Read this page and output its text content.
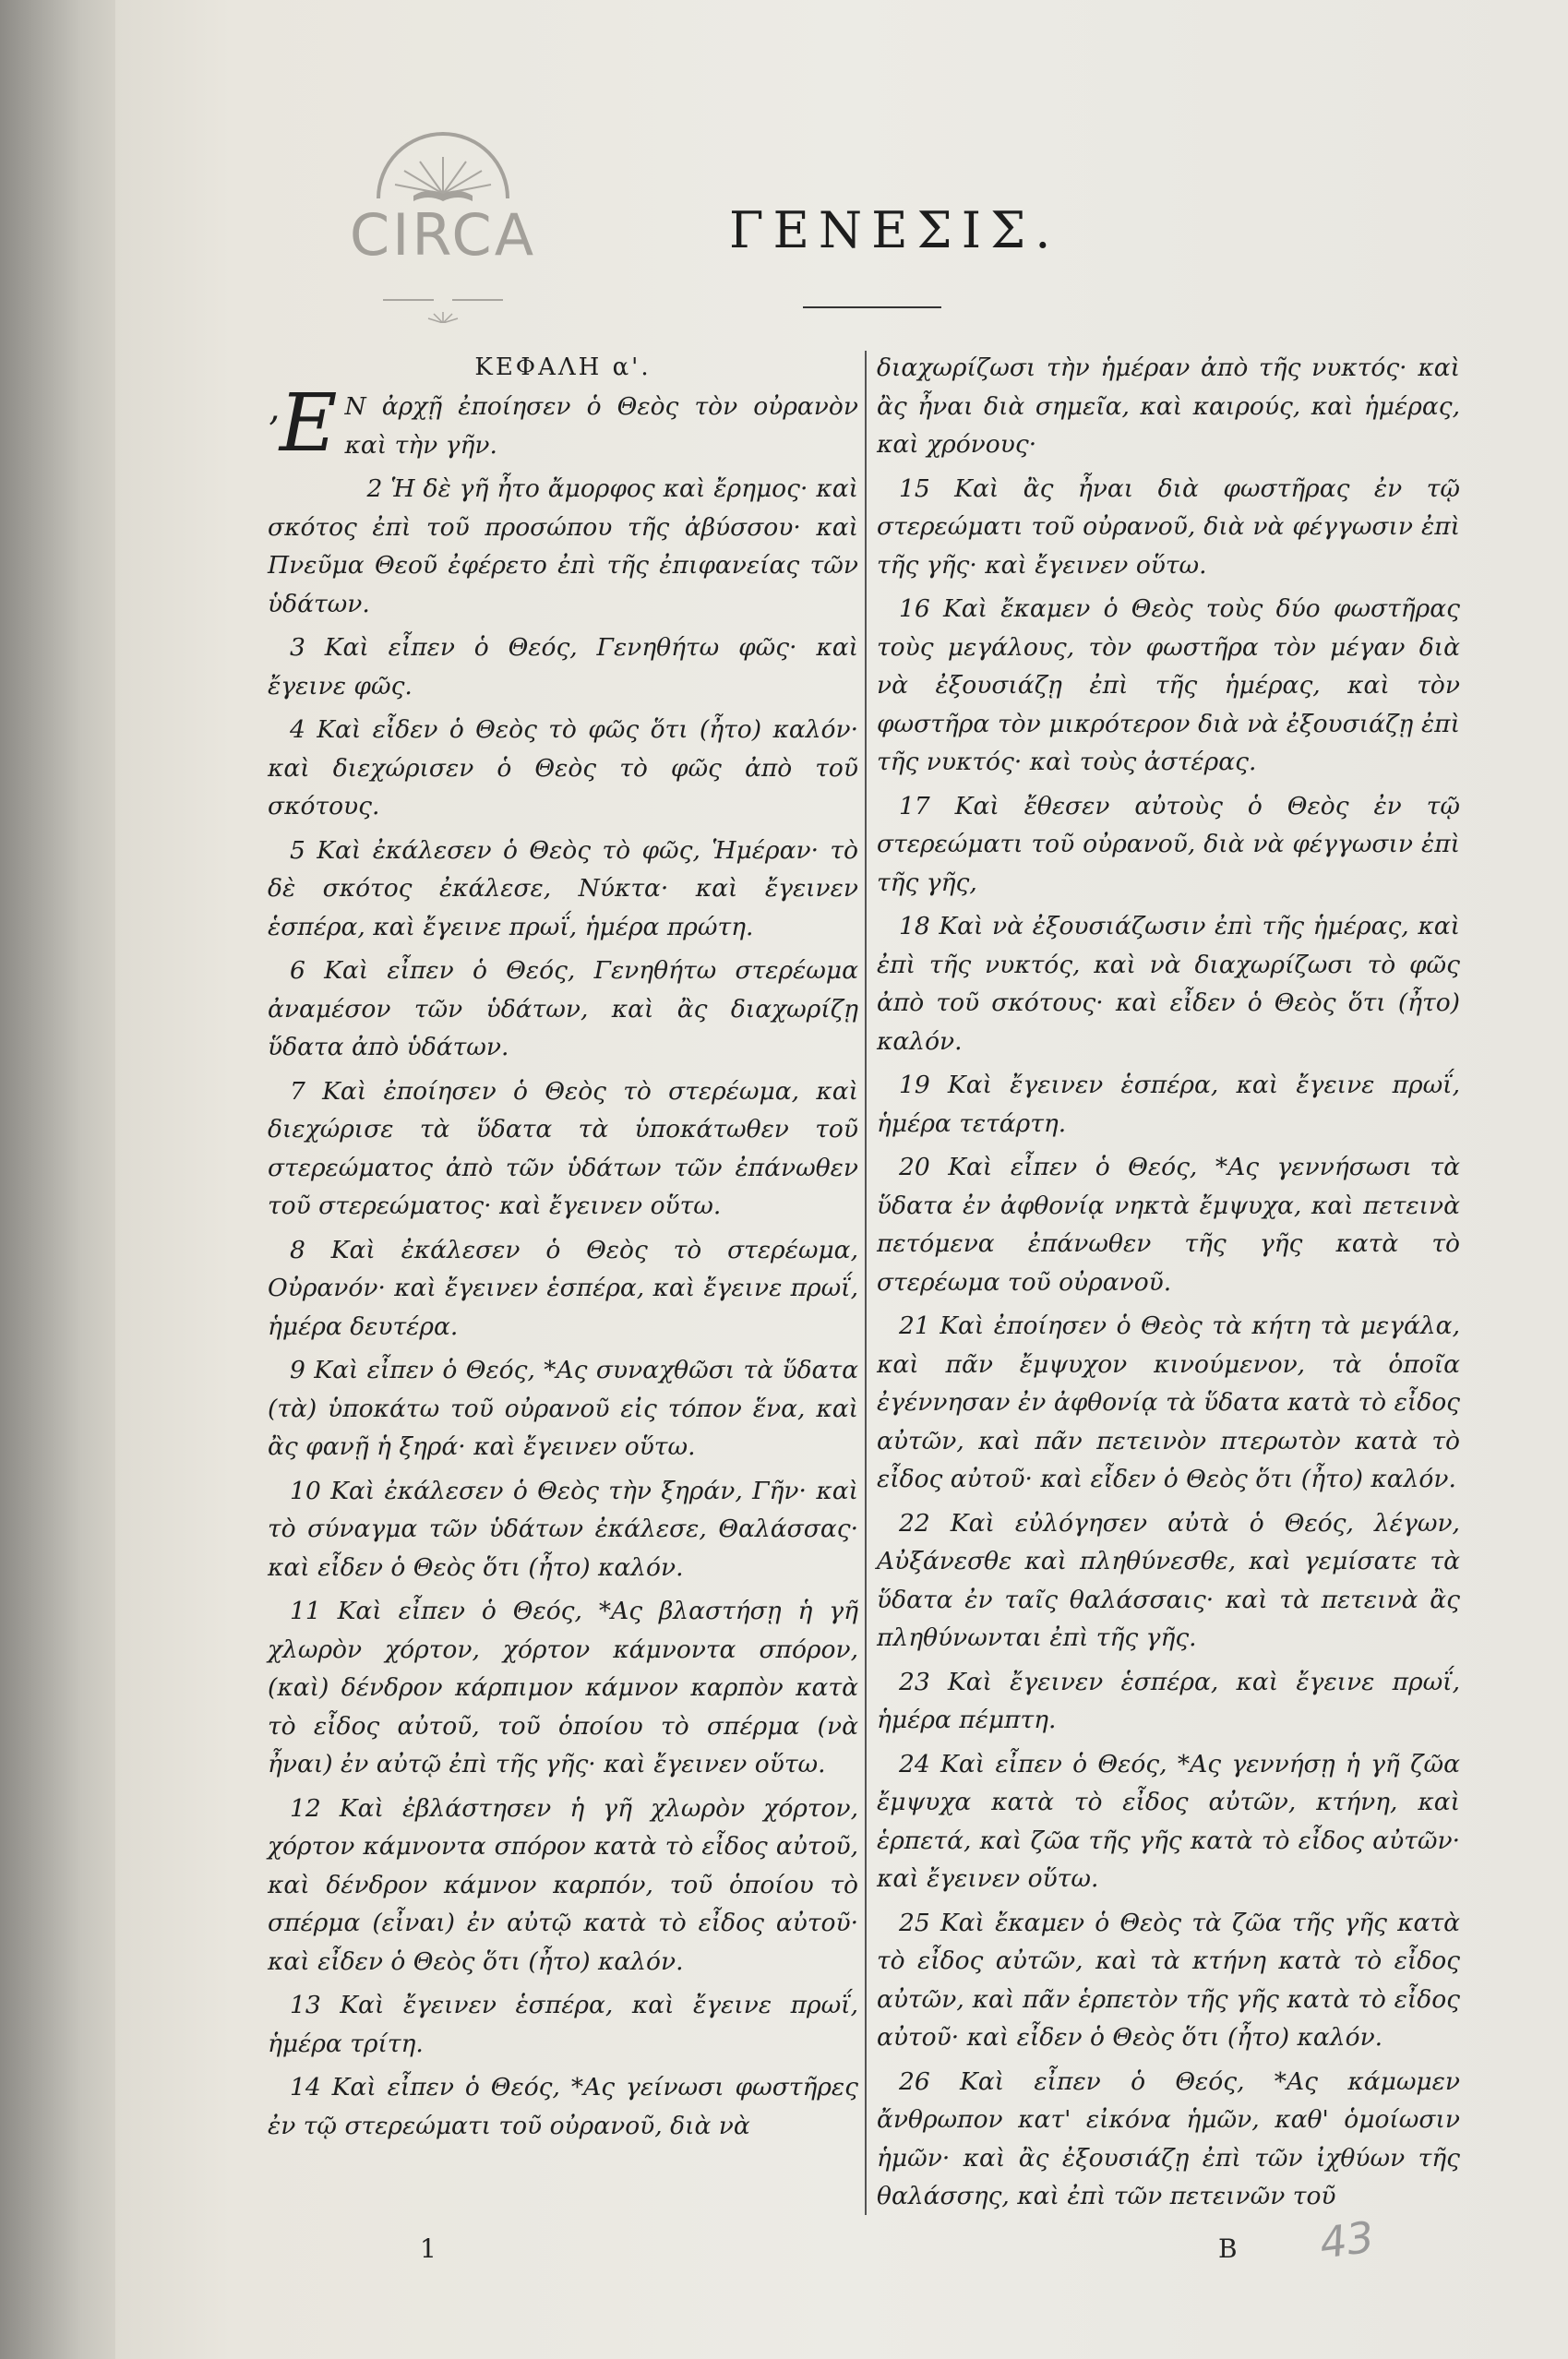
CIRCA	ΓΕΝΕΣΙΣ.
ΚΕΦΑΛΗ α'.

’Ε Ν ἀρχῇ ἐποίησεν ὁ Θεὸς τὸν οὐρανὸν καὶ τὴν γῆν.

2 Ἡ δὲ γῆ ἦτο ἄμορφος καὶ ἔρημος· καὶ σκότος ἐπὶ τοῦ προσώπου τῆς ἀβύσσου· καὶ Πνεῦμα Θεοῦ ἐφέρετο ἐπὶ τῆς ἐπιφανείας τῶν ὑδάτων.

3 Καὶ εἶπεν ὁ Θεός, Γενηθήτω φῶς· καὶ ἔγεινε φῶς.

4 Καὶ εἶδεν ὁ Θεὸς τὸ φῶς ὅτι (ἦτο) καλόν· καὶ διεχώρισεν ὁ Θεὸς τὸ φῶς ἀπὸ τοῦ σκότους.

5 Καὶ ἐκάλεσεν ὁ Θεὸς τὸ φῶς, Ἡμέραν· τὸ δὲ σκότος ἐκάλεσε, Νύκτα· καὶ ἔγεινεν ἑσπέρα, καὶ ἔγεινε πρωΐ, ἡμέρα πρώτη.

6 Καὶ εἶπεν ὁ Θεός, Γενηθήτω στερέωμα ἀναμέσον τῶν ὑδάτων, καὶ ἂς διαχωρίζῃ ὕδατα ἀπὸ ὑδάτων.

7 Καὶ ἐποίησεν ὁ Θεὸς τὸ στερέωμα, καὶ διεχώρισε τὰ ὕδατα τὰ ὑποκάτωθεν τοῦ στερεώματος ἀπὸ τῶν ὑδάτων τῶν ἐπάνωθεν τοῦ στερεώματος· καὶ ἔγεινεν οὕτω.

8 Καὶ ἐκάλεσεν ὁ Θεὸς τὸ στερέωμα, Οὐρανόν· καὶ ἔγεινεν ἑσπέρα, καὶ ἔγεινε πρωΐ, ἡμέρα δευτέρα.

9 Καὶ εἶπεν ὁ Θεός, *Ας συναχθῶσι τὰ ὕδατα (τὰ) ὑποκάτω τοῦ οὐρανοῦ εἰς τόπον ἕνα, καὶ ἂς φανῇ ἡ ξηρά· καὶ ἔγεινεν οὕτω.

10 Καὶ ἐκάλεσεν ὁ Θεὸς τὴν ξηράν, Γῆν· καὶ τὸ σύναγμα τῶν ὑδάτων ἐκάλεσε, Θαλάσσας· καὶ εἶδεν ὁ Θεὸς ὅτι (ἦτο) καλόν.

11 Καὶ εἶπεν ὁ Θεός, *Ας βλαστήσῃ ἡ γῆ χλωρὸν χόρτον, χόρτον κάμνοντα σπόρον, (καὶ) δένδρον κάρπιμον κάμνον καρπὸν κατὰ τὸ εἶδος αὐτοῦ, τοῦ ὁποίου τὸ σπέρμα (νὰ ἦναι) ἐν αὐτῷ ἐπὶ τῆς γῆς· καὶ ἔγεινεν οὕτω.

12 Καὶ ἐβλάστησεν ἡ γῆ χλωρὸν χόρτον, χόρτον κάμνοντα σπόρον κατὰ τὸ εἶδος αὐτοῦ, καὶ δένδρον κάμνον καρπόν, τοῦ ὁποίου τὸ σπέρμα (εἶναι) ἐν αὐτῷ κατὰ τὸ εἶδος αὐτοῦ· καὶ εἶδεν ὁ Θεὸς ὅτι (ἦτο) καλόν.

13 Καὶ ἔγεινεν ἑσπέρα, καὶ ἔγεινε πρωΐ, ἡμέρα τρίτη.

14 Καὶ εἶπεν ὁ Θεός, *Ας γείνωσι φωστῆρες ἐν τῷ στερεώματι τοῦ οὐρανοῦ, διὰ νὰ

διαχωρίζωσι τὴν ἡμέραν ἀπὸ τῆς νυκτός· καὶ ἂς ἦναι διὰ σημεῖα, καὶ καιρούς, καὶ ἡμέρας, καὶ χρόνους·

15 Καὶ ἂς ἦναι διὰ φωστῆρας ἐν τῷ στερεώματι τοῦ οὐρανοῦ, διὰ νὰ φέγγωσιν ἐπὶ τῆς γῆς· καὶ ἔγεινεν οὕτω.

16 Καὶ ἔκαμεν ὁ Θεὸς τοὺς δύο φωστῆρας τοὺς μεγάλους, τὸν φωστῆρα τὸν μέγαν διὰ νὰ ἐξουσιάζῃ ἐπὶ τῆς ἡμέρας, καὶ τὸν φωστῆρα τὸν μικρότερον διὰ νὰ ἐξουσιάζῃ ἐπὶ τῆς νυκτός· καὶ τοὺς ἀστέρας.

17 Καὶ ἔθεσεν αὐτοὺς ὁ Θεὸς ἐν τῷ στερεώματι τοῦ οὐρανοῦ, διὰ νὰ φέγγωσιν ἐπὶ τῆς γῆς,

18 Καὶ νὰ ἐξουσιάζωσιν ἐπὶ τῆς ἡμέρας, καὶ ἐπὶ τῆς νυκτός, καὶ νὰ διαχωρίζωσι τὸ φῶς ἀπὸ τοῦ σκότους· καὶ εἶδεν ὁ Θεὸς ὅτι (ἦτο) καλόν.

19 Καὶ ἔγεινεν ἑσπέρα, καὶ ἔγεινε πρωΐ, ἡμέρα τετάρτη.

20 Καὶ εἶπεν ὁ Θεός, *Ας γεννήσωσι τὰ ὕδατα ἐν ἀφθονίᾳ νηκτὰ ἔμψυχα, καὶ πετεινὰ πετόμενα ἐπάνωθεν τῆς γῆς κατὰ τὸ στερέωμα τοῦ οὐρανοῦ.

21 Καὶ ἐποίησεν ὁ Θεὸς τὰ κήτη τὰ μεγάλα, καὶ πᾶν ἔμψυχον κινούμενον, τὰ ὁποῖα ἐγέννησαν ἐν ἀφθονίᾳ τὰ ὕδατα κατὰ τὸ εἶδος αὐτῶν, καὶ πᾶν πετεινὸν πτερωτὸν κατὰ τὸ εἶδος αὐτοῦ· καὶ εἶδεν ὁ Θεὸς ὅτι (ἦτο) καλόν.

22 Καὶ εὐλόγησεν αὐτὰ ὁ Θεός, λέγων, Αὐξάνεσθε καὶ πληθύνεσθε, καὶ γεμίσατε τὰ ὕδατα ἐν ταῖς θαλάσσαις· καὶ τὰ πετεινὰ ἂς πληθύνωνται ἐπὶ τῆς γῆς.

23 Καὶ ἔγεινεν ἑσπέρα, καὶ ἔγεινε πρωΐ, ἡμέρα πέμπτη.

24 Καὶ εἶπεν ὁ Θεός, *Ας γεννήσῃ ἡ γῆ ζῶα ἔμψυχα κατὰ τὸ εἶδος αὐτῶν, κτήνη, καὶ ἑρπετά, καὶ ζῶα τῆς γῆς κατὰ τὸ εἶδος αὐτῶν· καὶ ἔγεινεν οὕτω.

25 Καὶ ἔκαμεν ὁ Θεὸς τὰ ζῶα τῆς γῆς κατὰ τὸ εἶδος αὐτῶν, καὶ τὰ κτήνη κατὰ τὸ εἶδος αὐτῶν, καὶ πᾶν ἑρπετὸν τῆς γῆς κατὰ τὸ εἶδος αὐτοῦ· καὶ εἶδεν ὁ Θεὸς ὅτι (ἦτο) καλόν.

26 Καὶ εἶπεν ὁ Θεός, *Ας κάμωμεν ἄνθρωπον κατ' εἰκόνα ἡμῶν, καθ' ὁμοίωσιν ἡμῶν· καὶ ἂς ἐξουσιάζῃ ἐπὶ τῶν ἰχθύων τῆς θαλάσσης, καὶ ἐπὶ τῶν πετεινῶν τοῦ

1	B 43
